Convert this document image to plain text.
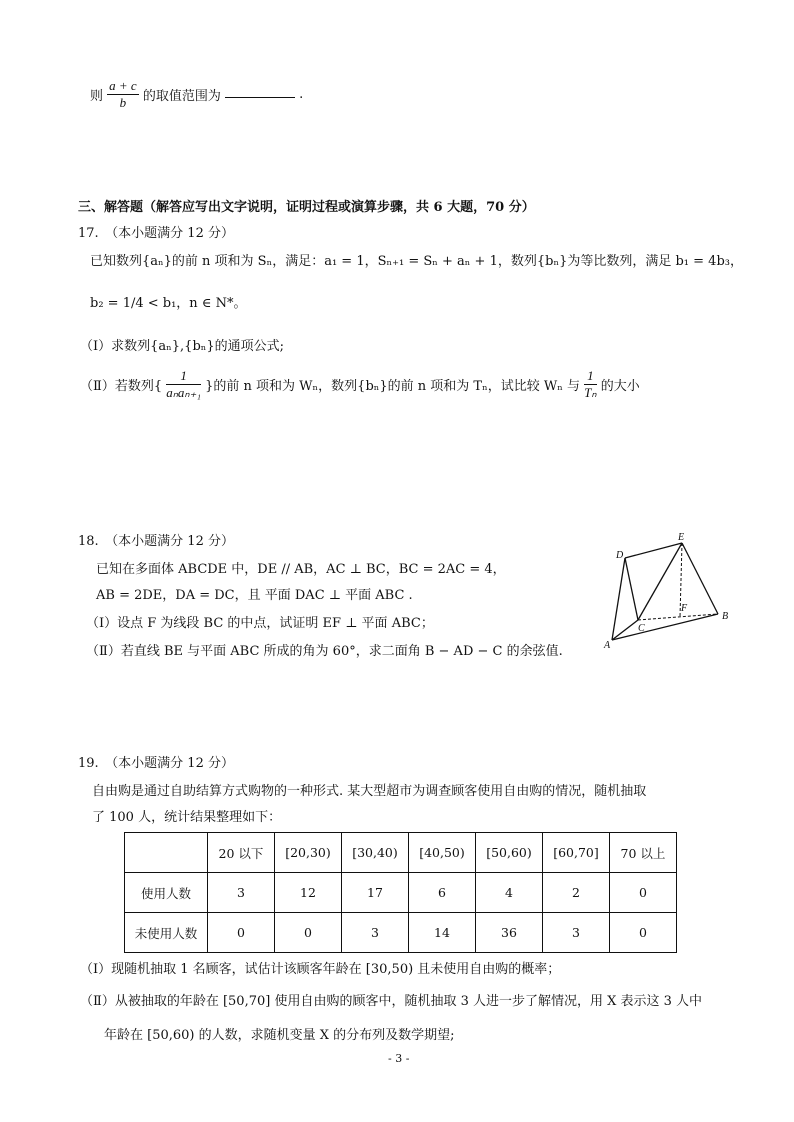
则 $\frac{a + c}{b}$ 的取值范围为	.
三、解答题（解答应写出文字说明，证明过程或演算步骤，共 6 大题，70 分）
17.　（本小题满分 12 分）
已知数列{aₙ}的前 n 项和为 Sₙ，满足：a₁ = 1，Sₙ₊₁ = Sₙ + aₙ + 1，数列{bₙ}为等比数列，满足 b₁ = 4b₃，
b₂ = 1/4 < b₁，n ∈ N*。
（Ⅰ）求数列{aₙ},{bₙ}的通项公式;
（Ⅱ）若数列{ $\frac{1}{\text{aₙaₙ₊₁}}$ }的前 n 项和为 Wₙ，数列{bₙ}的前 n 项和为 Tₙ，试比较 Wₙ 与 $\frac{1}{\text{Tₙ}}$ 的大小
18.　（本小题满分 12 分）
已知在多面体 ABCDE 中，DE // AB，AC ⊥ BC，BC = 2AC = 4，
AB = 2DE，DA = DC，且 平面 DAC ⊥ 平面 ABC .
（Ⅰ）设点 F 为线段 BC 的中点，试证明 EF ⊥ 平面 ABC；
（Ⅱ）若直线 BE 与平面 ABC 所成的角为 60°，求二面角 B − AD − C 的余弦值.
D
E
F
B
C
A
19.　（本小题满分 12 分）
自由购是通过自助结算方式购物的一种形式. 某大型超市为调查顾客使用自由购的情况，随机抽取
了 100 人，统计结果整理如下：
	20 以下	[20,30)	[30,40)	[40,50)	[50,60)	[60,70]	70 以上
使用人数	3	12	17	6	4	2	0
未使用人数	0	0	3	14	36	3	0
（Ⅰ）现随机抽取 1 名顾客，试估计该顾客年龄在 [30,50) 且未使用自由购的概率；
（Ⅱ）从被抽取的年龄在 [50,70] 使用自由购的顾客中，随机抽取 3 人进一步了解情况，用 X 表示这 3 人中
年龄在 [50,60) 的人数，求随机变量 X 的分布列及数学期望;
- 3 -
